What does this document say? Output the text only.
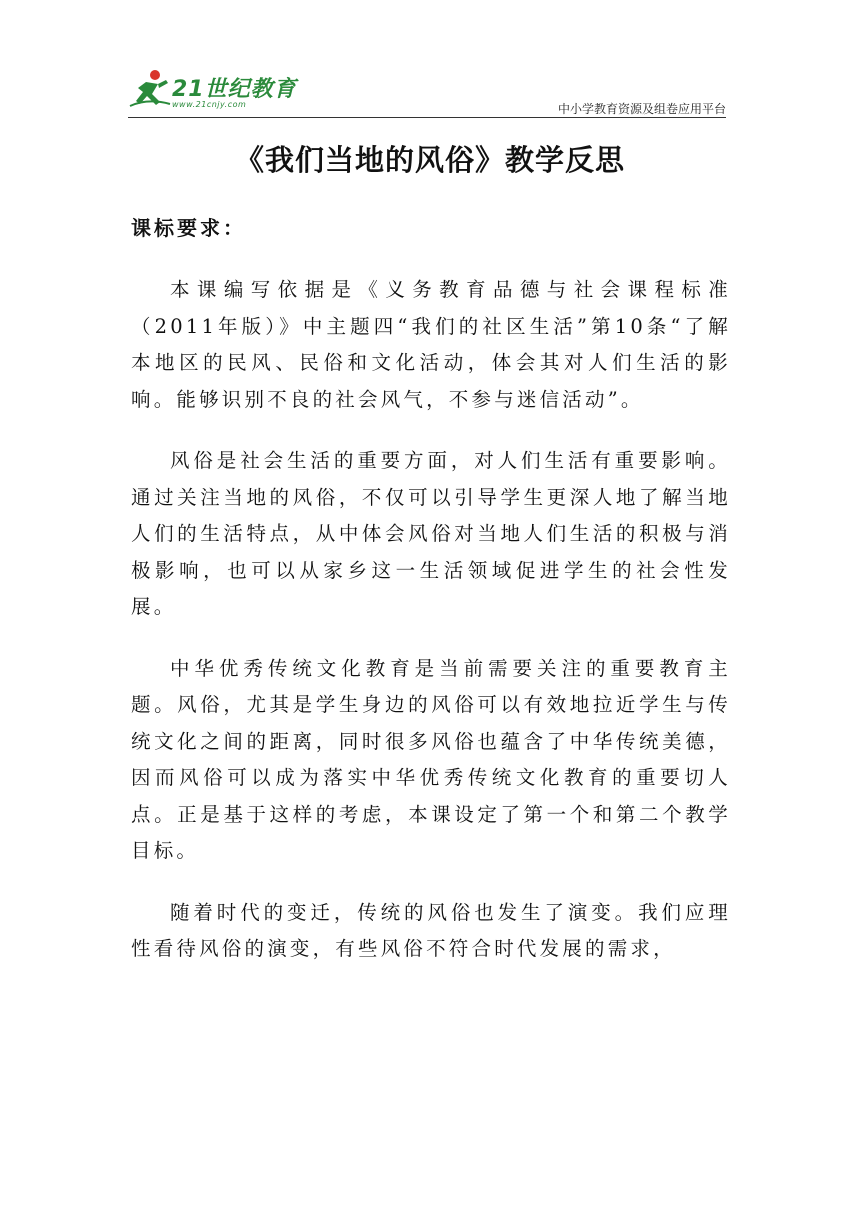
21世纪教育
www.21cnjy.com	中小学教育资源及组卷应用平台
《我们当地的风俗》教学反思
课标要求：

本课编写依据是《义务教育品德与社会课程标准（2011年版）》中主题四“我们的社区生活”第10条“了解本地区的民风、民俗和文化活动，体会其对人们生活的影响。能够识别不良的社会风气，不参与迷信活动”。

风俗是社会生活的重要方面，对人们生活有重要影响。通过关注当地的风俗，不仅可以引导学生更深人地了解当地人们的生活特点，从中体会风俗对当地人们生活的积极与消极影响，也可以从家乡这一生活领域促进学生的社会性发展。

中华优秀传统文化教育是当前需要关注的重要教育主题。风俗，尤其是学生身边的风俗可以有效地拉近学生与传统文化之间的距离，同时很多风俗也蕴含了中华传统美德，因而风俗可以成为落实中华优秀传统文化教育的重要切人点。正是基于这样的考虑，本课设定了第一个和第二个教学目标。

随着时代的变迁，传统的风俗也发生了演变。我们应理性看待风俗的演变，有些风俗不符合时代发展的需求，
